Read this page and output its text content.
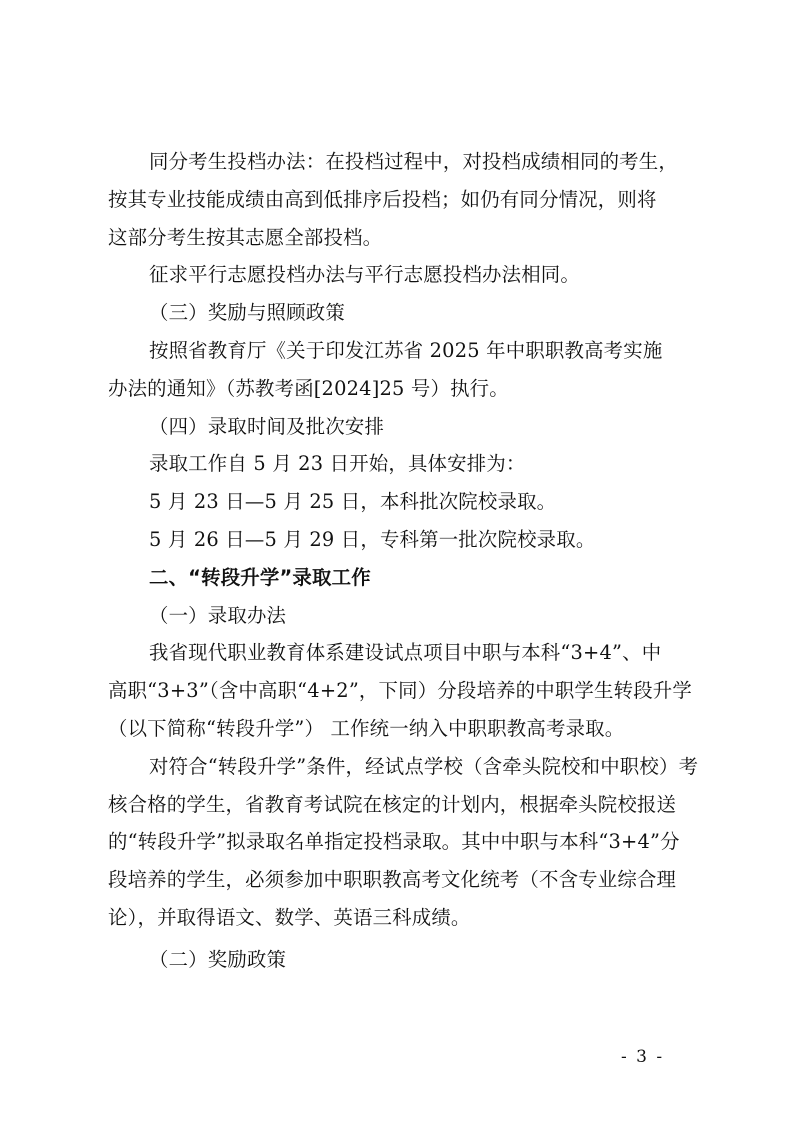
同分考生投档办法：在投档过程中，对投档成绩相同的考生，
按其专业技能成绩由高到低排序后投档；如仍有同分情况，则将
这部分考生按其志愿全部投档。
征求平行志愿投档办法与平行志愿投档办法相同。
（三）奖励与照顾政策
按照省教育厅《关于印发江苏省 2025 年中职职教高考实施
办法的通知》（苏教考函[2024]25 号）执行。
（四）录取时间及批次安排
录取工作自 5 月 23 日开始，具体安排为：
5 月 23 日—5 月 25 日，本科批次院校录取。
5 月 26 日—5 月 29 日，专科第一批次院校录取。
二、“转段升学”录取工作
（一）录取办法
我省现代职业教育体系建设试点项目中职与本科“3+4”、中
高职“3+3”（含中高职“4+2”，下同）分段培养的中职学生转段升学
（以下简称“转段升学”） 工作统一纳入中职职教高考录取。
对符合“转段升学”条件，经试点学校（含牵头院校和中职校）考
核合格的学生，省教育考试院在核定的计划内，根据牵头院校报送
的“转段升学”拟录取名单指定投档录取。其中中职与本科“3+4”分
段培养的学生，必须参加中职职教高考文化统考（不含专业综合理
论），并取得语文、数学、英语三科成绩。
（二）奖励政策
- 3 -
